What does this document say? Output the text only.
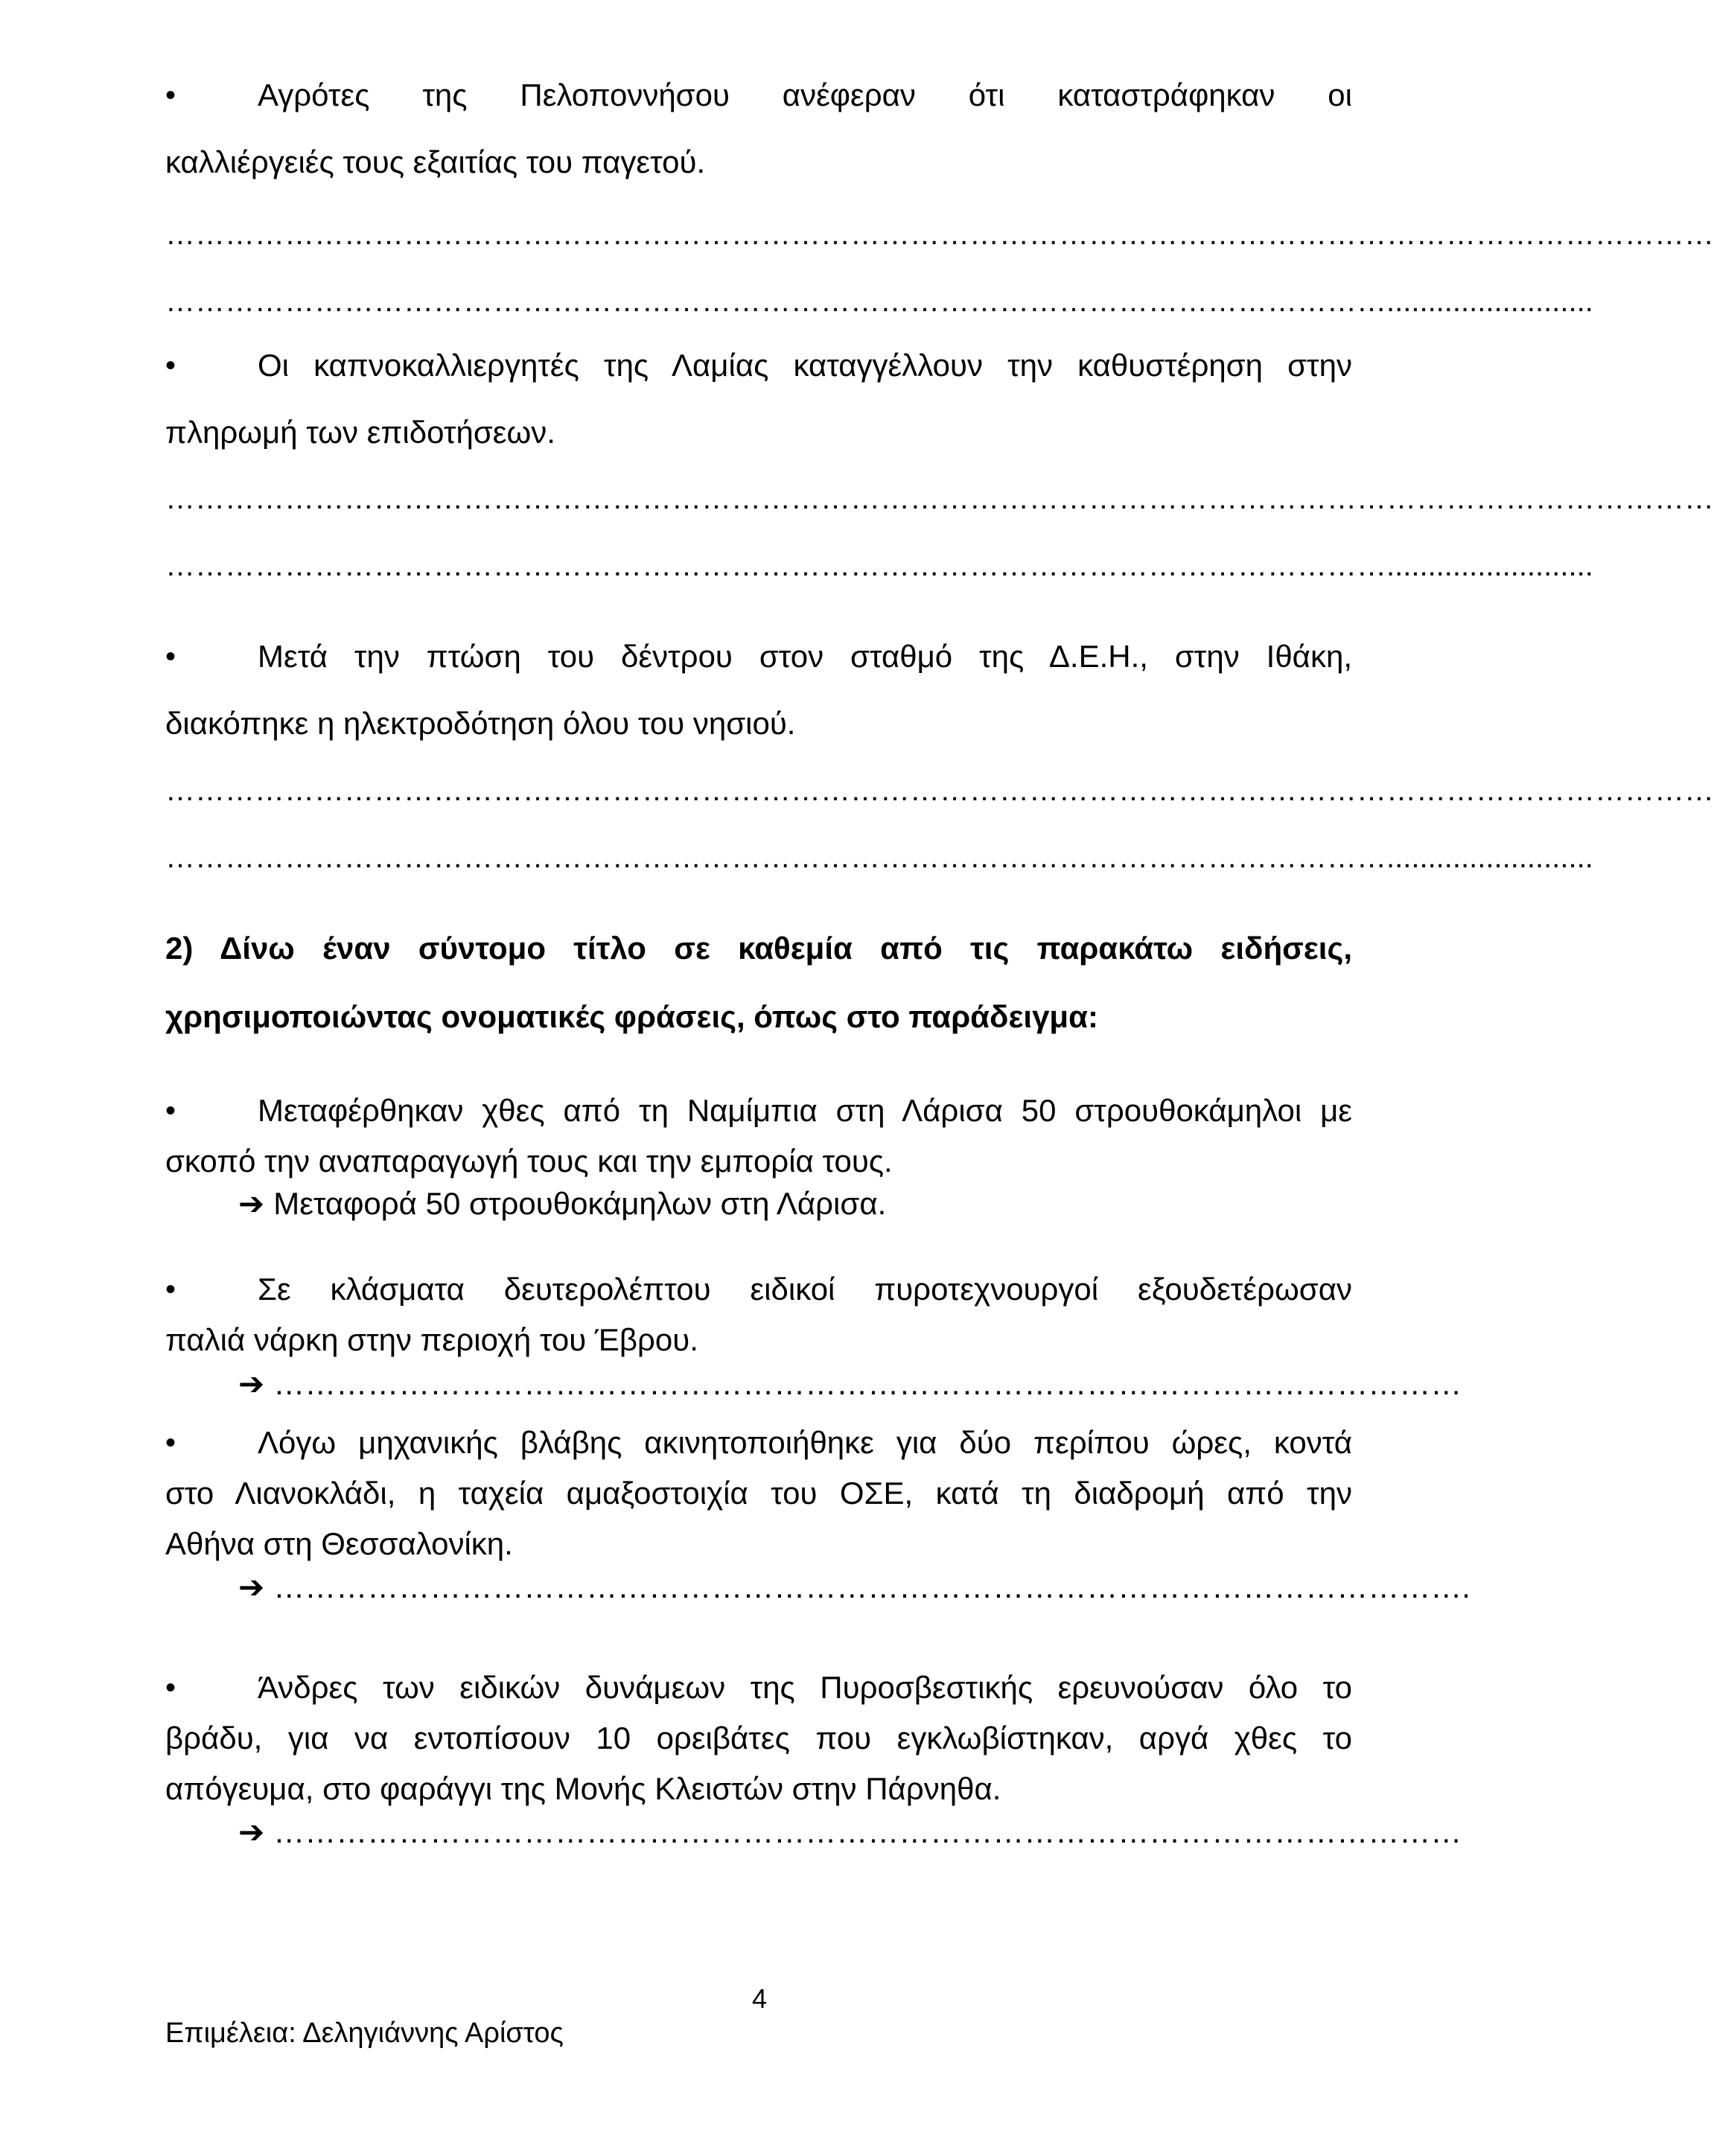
•	Αγρότες της Πελοποννήσου ανέφεραν ότι καταστράφηκαν οι
καλλιέργειές τους εξαιτίας του παγετού.
…………………………………………………………………………………………………………………………………………
…………………………………………………………………………………………………………….........................
•	Οι καπνοκαλλιεργητές της Λαμίας καταγγέλλουν την καθυστέρηση στην
πληρωμή των επιδοτήσεων.
…………………………………………………………………………………………………………………………………………
…………………………………………………………………………………………………………….........................
•	Μετά την πτώση του δέντρου στον σταθμό της Δ.Ε.Η., στην Ιθάκη,
διακόπηκε η ηλεκτροδότηση όλου του νησιού.
…………………………………………………………………………………………………………………………………………
…………………………………………………………………………………………………………….........................
2) Δίνω έναν σύντομο τίτλο σε καθεμία από τις παρακάτω ειδήσεις,
χρησιμοποιώντας ονοματικές φράσεις, όπως στο παράδειγμα:
•	Μεταφέρθηκαν χθες από τη Ναμίμπια στη Λάρισα 50 στρουθοκάμηλοι με
σκοπό την αναπαραγωγή τους και την εμπορία τους.
➔ Μεταφορά 50 στρουθοκάμηλων στη Λάρισα.
•	Σε κλάσματα δευτερολέπτου ειδικοί πυροτεχνουργοί εξουδετέρωσαν
παλιά νάρκη στην περιοχή του Έβρου.
➔ ……………………………………………………………………………………………………
•	Λόγω μηχανικής βλάβης ακινητοποιήθηκε για δύο περίπου ώρες, κοντά
στο Λιανοκλάδι, η ταχεία αμαξοστοιχία του ΟΣΕ, κατά τη διαδρομή από την
Αθήνα στη Θεσσαλονίκη.
➔ …………………………………………………………………………………………………….
•	Άνδρες των ειδικών δυνάμεων της Πυροσβεστικής ερευνούσαν όλο το
βράδυ, για να εντοπίσουν 10 ορειβάτες που εγκλωβίστηκαν, αργά χθες το
απόγευμα, στο φαράγγι της Μονής Κλειστών στην Πάρνηθα.
➔ ……………………………………………………………………………………………………
4
Επιμέλεια: Δεληγιάννης Αρίστος
